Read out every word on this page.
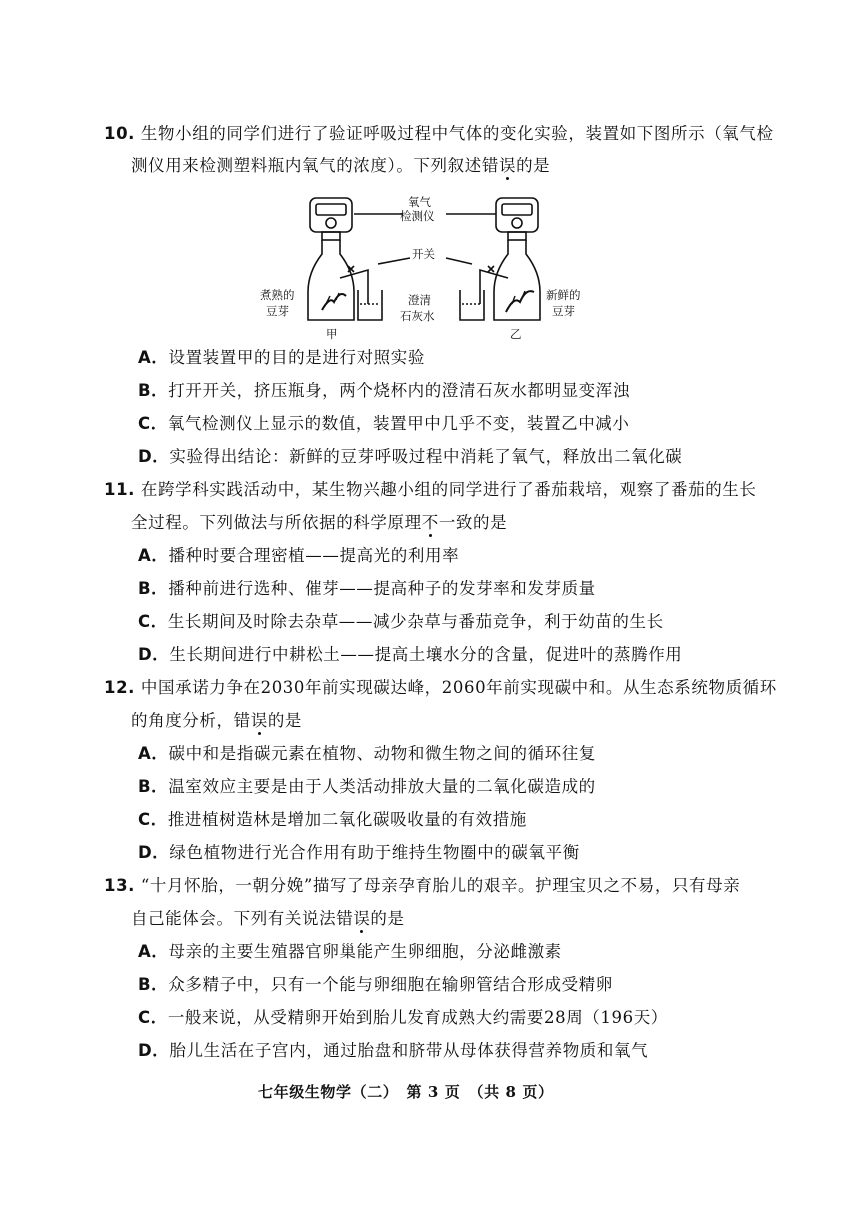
10. 生物小组的同学们进行了验证呼吸过程中气体的变化实验，装置如下图所示（氧气检
测仪用来检测塑料瓶内氧气的浓度）。下列叙述错误的是
氧气
检测仪
开关
煮熟的
豆芽
澄清
石灰水
新鲜的
豆芽
甲	乙
A．设置装置甲的目的是进行对照实验
B．打开开关，挤压瓶身，两个烧杯内的澄清石灰水都明显变浑浊
C．氧气检测仪上显示的数值，装置甲中几乎不变，装置乙中减小
D．实验得出结论：新鲜的豆芽呼吸过程中消耗了氧气，释放出二氧化碳
11. 在跨学科实践活动中，某生物兴趣小组的同学进行了番茄栽培，观察了番茄的生长
全过程。下列做法与所依据的科学原理不一致的是
A．播种时要合理密植——提高光的利用率
B．播种前进行选种、催芽——提高种子的发芽率和发芽质量
C．生长期间及时除去杂草——减少杂草与番茄竞争，利于幼苗的生长
D．生长期间进行中耕松土——提高土壤水分的含量，促进叶的蒸腾作用
12. 中国承诺力争在2030年前实现碳达峰，2060年前实现碳中和。从生态系统物质循环
的角度分析，错误的是
A．碳中和是指碳元素在植物、动物和微生物之间的循环往复
B．温室效应主要是由于人类活动排放大量的二氧化碳造成的
C．推进植树造林是增加二氧化碳吸收量的有效措施
D．绿色植物进行光合作用有助于维持生物圈中的碳氧平衡
13. “十月怀胎，一朝分娩”描写了母亲孕育胎儿的艰辛。护理宝贝之不易，只有母亲
自己能体会。下列有关说法错误的是
A．母亲的主要生殖器官卵巢能产生卵细胞，分泌雌激素
B．众多精子中，只有一个能与卵细胞在输卵管结合形成受精卵
C．一般来说，从受精卵开始到胎儿发育成熟大约需要28周（196天）
D．胎儿生活在子宫内，通过胎盘和脐带从母体获得营养物质和氧气
七年级生物学（二）　第 3 页　（共 8 页）
